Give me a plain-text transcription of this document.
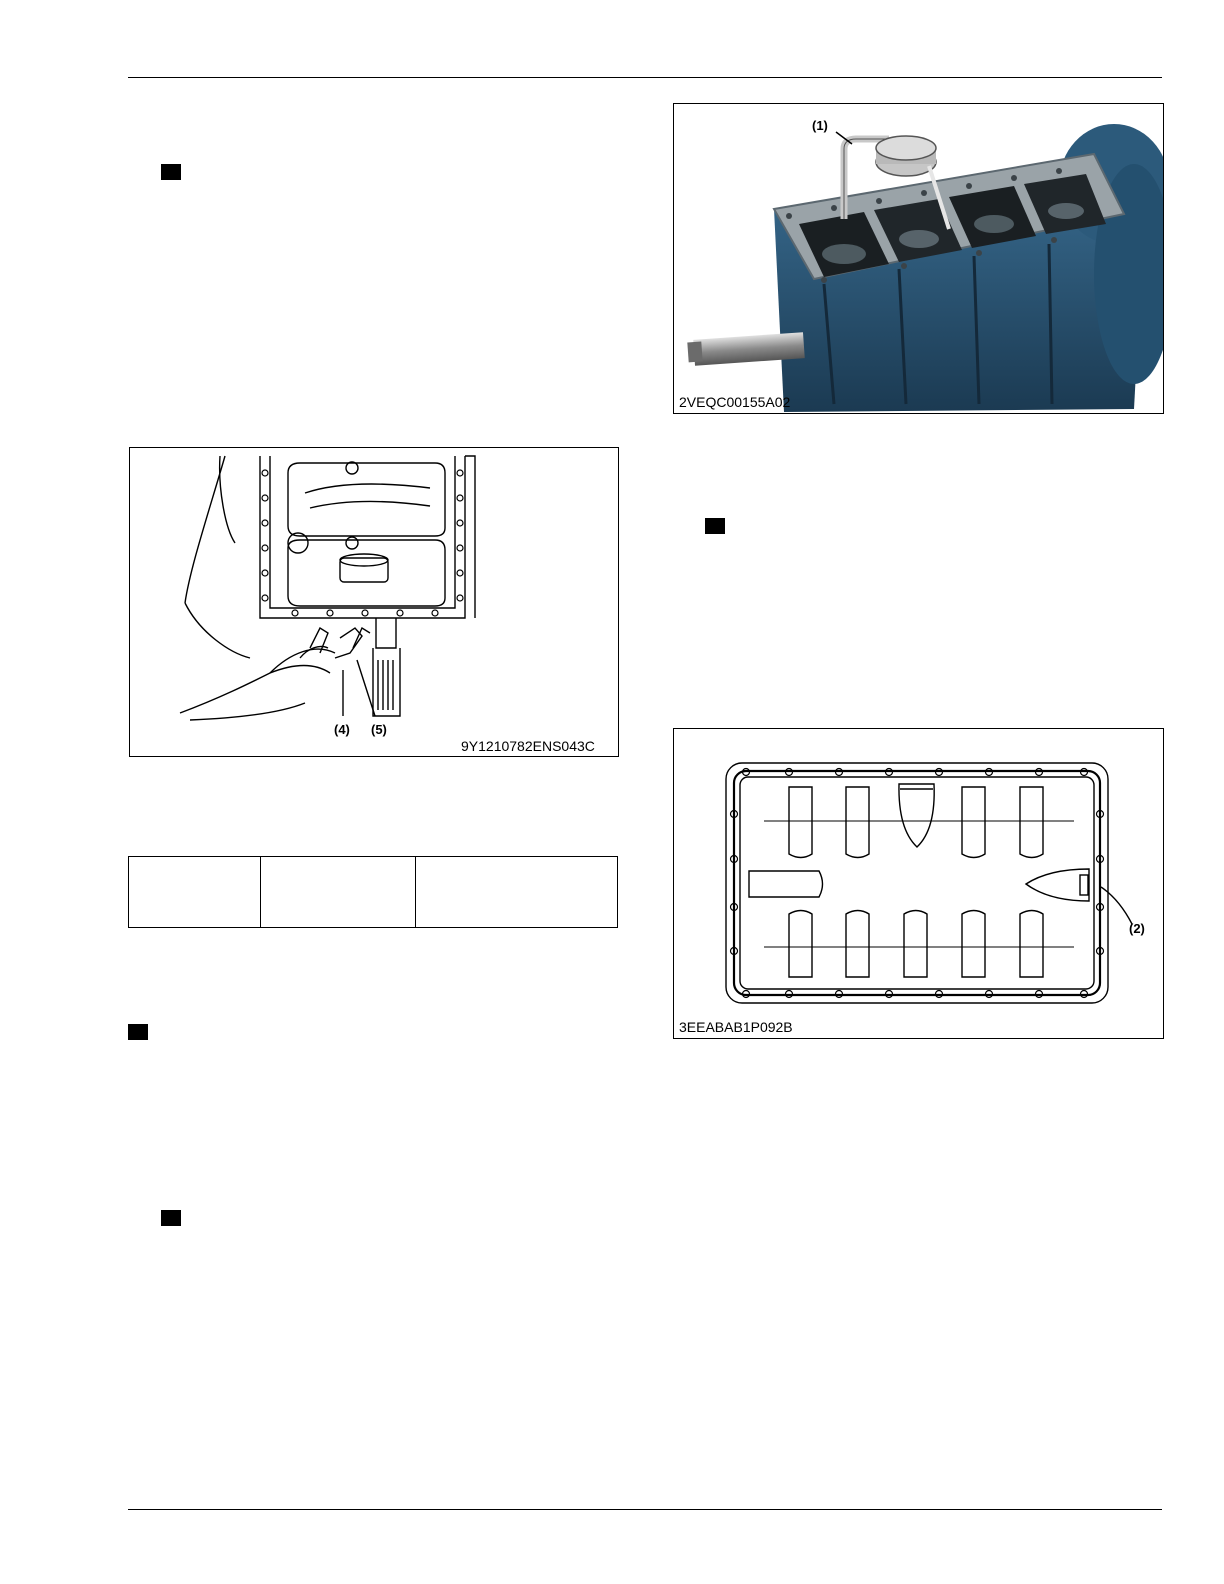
(1)
2VEQC00155A02
(4) (5)
9Y1210782ENS043C

(2)
3EEABAB1P092B
